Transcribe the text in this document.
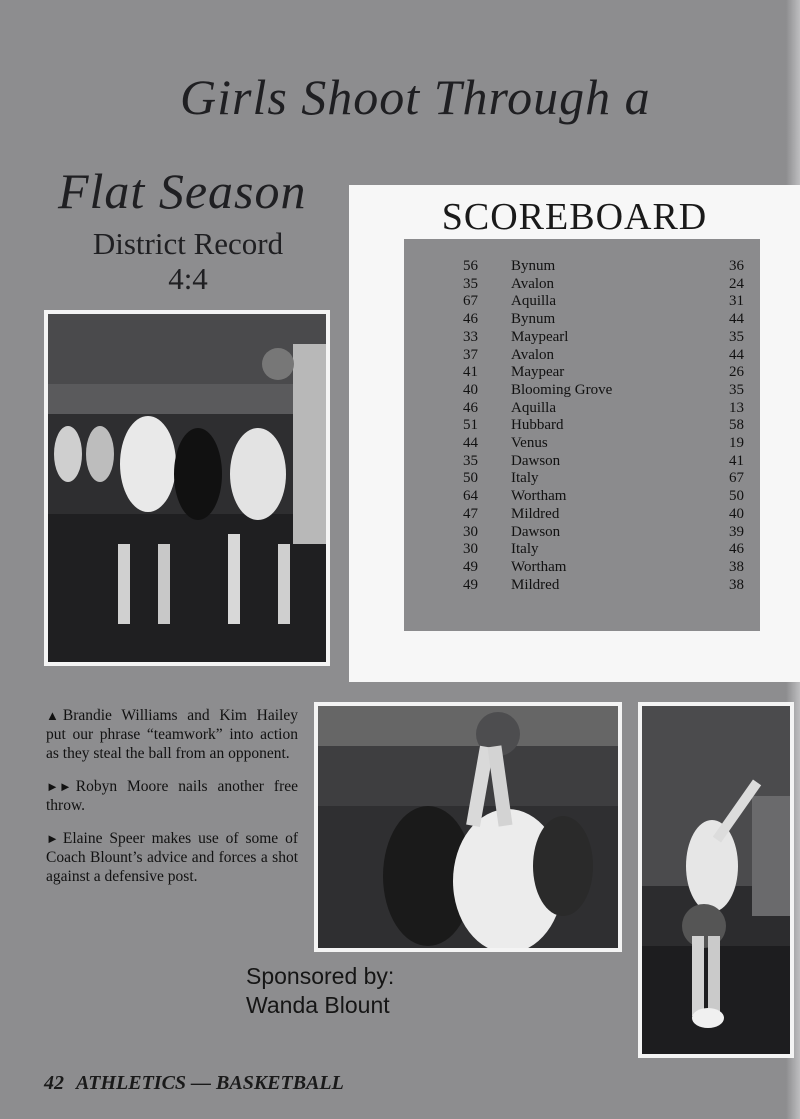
Girls Shoot Through a
Flat Season
District Record
4:4
SCOREBOARD
56 Bynum	36
35 Avalon	24
67 Aquilla	31
46 Bynum	44
33 Maypearl	35
37 Avalon	44
41 Maypear	26
40 Blooming Grove	35
46 Aquilla	13
51 Hubbard	58
44 Venus	19
35 Dawson	41
50 Italy	67
64 Wortham	50
47 Mildred	40
30 Dawson	39
30 Italy	46
49 Wortham	38
49 Mildred	38

▲ Brandie Williams and Kim Hailey put our phrase “teamwork” into action as they steal the ball from an opponent.

►► Robyn Moore nails another free throw.

► Elaine Speer makes use of some of Coach Blount’s advice and forces a shot against a defensive post.

Sponsored by:
Wanda Blount
42 ATHLETICS — BASKETBALL
